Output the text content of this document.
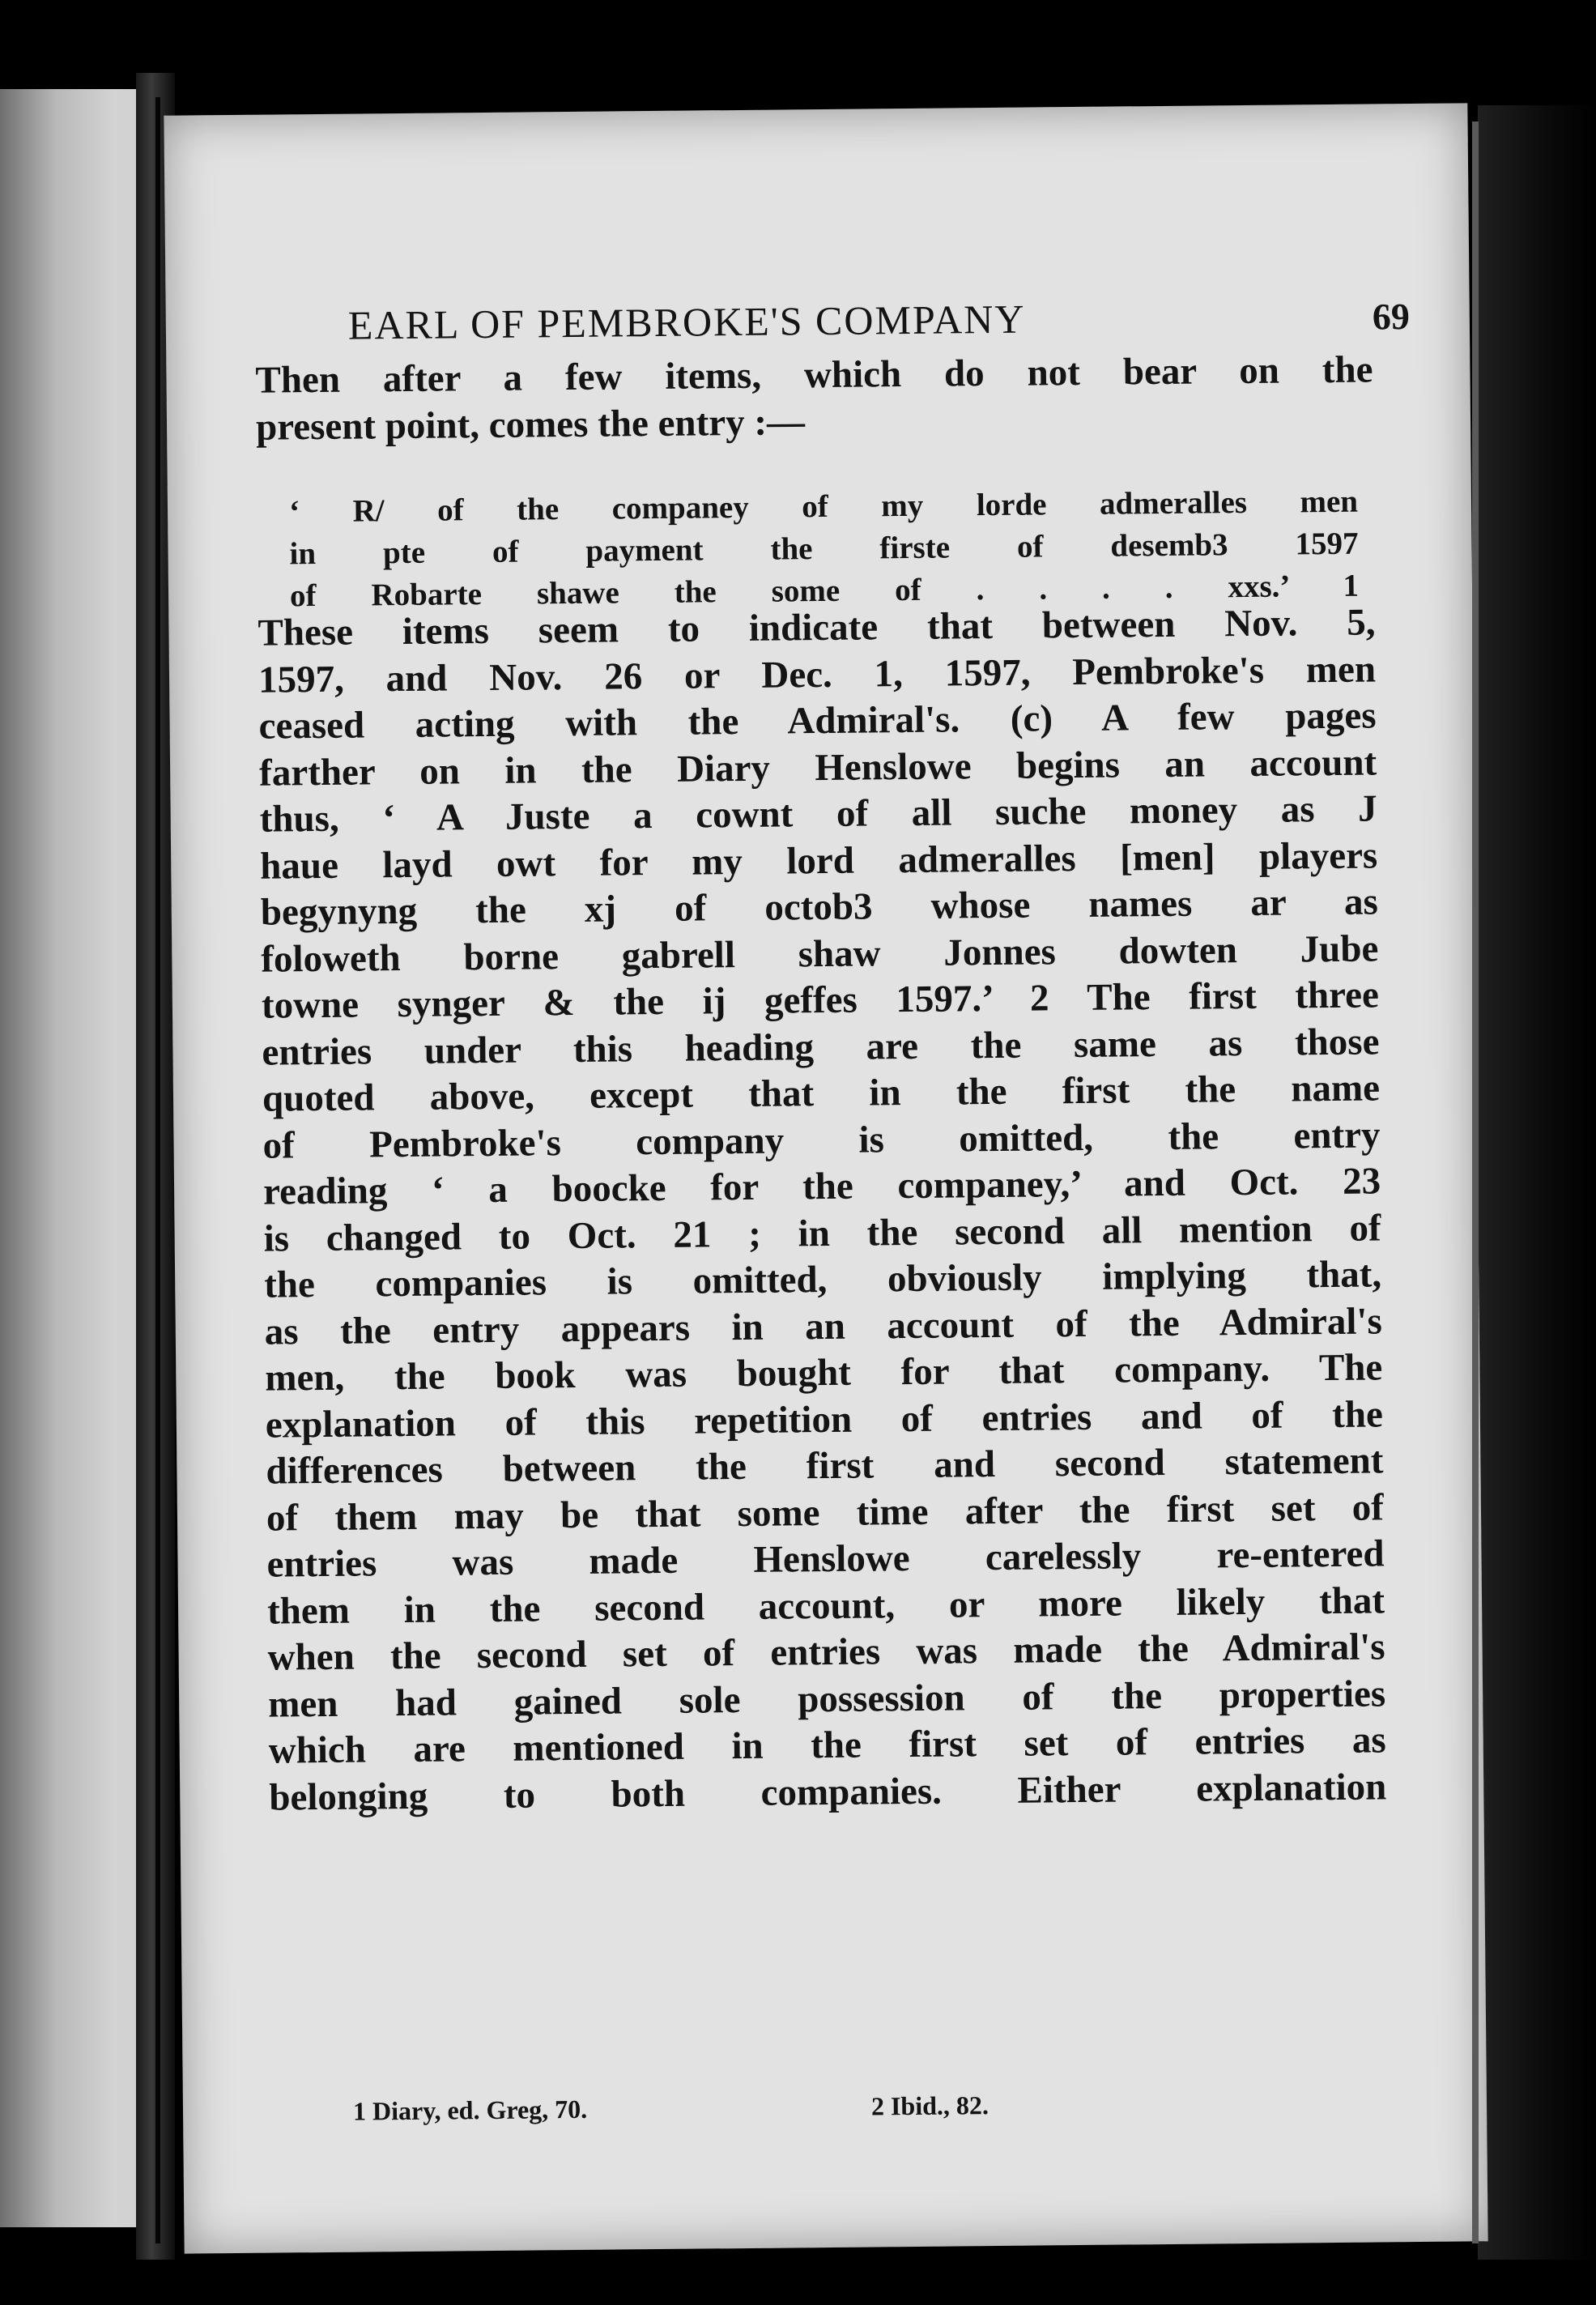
EARL OF PEMBROKE'S COMPANY	69
Then after a few items, which do not bear on the
present point, comes the entry :—
‘ R/ of the companey of my lorde admeralles men
in pte of payment the firste of desemb3 1597
of Robarte shawe the some of . . . . xxs.’ 1
These items seem to indicate that between Nov. 5,
1597, and Nov. 26 or Dec. 1, 1597, Pembroke's men
ceased acting with the Admiral's. (c) A few pages
farther on in the Diary Henslowe begins an account
thus, ‘ A Juste a cownt of all suche money as J
haue layd owt for my lord admeralles [men] players
begynyng the xj of octob3 whose names ar as
foloweth borne gabrell shaw Jonnes dowten Jube
towne synger & the ij geffes 1597.’ 2 The first three
entries under this heading are the same as those
quoted above, except that in the first the name
of Pembroke's company is omitted, the entry
reading ‘ a boocke for the companey,’ and Oct. 23
is changed to Oct. 21 ; in the second all mention of
the companies is omitted, obviously implying that,
as the entry appears in an account of the Admiral's
men, the book was bought for that company. The
explanation of this repetition of entries and of the
differences between the first and second statement
of them may be that some time after the first set of
entries was made Henslowe carelessly re-entered
them in the second account, or more likely that
when the second set of entries was made the Admiral's
men had gained sole possession of the properties
which are mentioned in the first set of entries as
belonging to both companies. Either explanation
1 Diary, ed. Greg, 70.	2 Ibid., 82.
